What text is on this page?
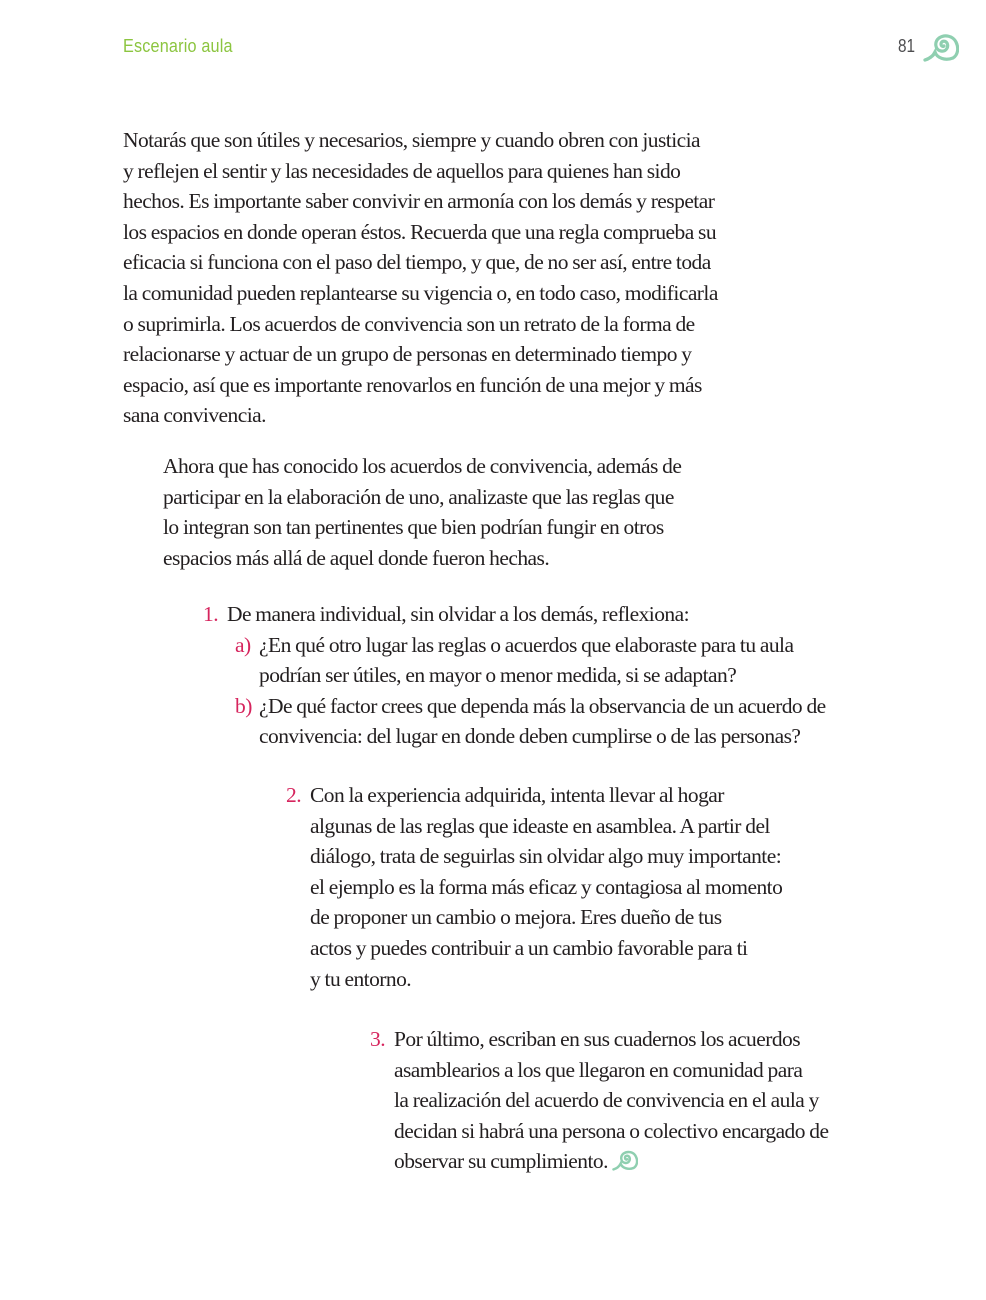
Escenario aula	81
Notarás que son útiles y necesarios, siempre y cuando obren con justicia
y reflejen el sentir y las necesidades de aquellos para quienes han sido
hechos. Es importante saber convivir en armonía con los demás y respetar
los espacios en donde operan éstos. Recuerda que una regla comprueba su
eficacia si funciona con el paso del tiempo, y que, de no ser así, entre toda
la comunidad pueden replantearse su vigencia o, en todo caso, modificarla
o suprimirla. Los acuerdos de convivencia son un retrato de la forma de
relacionarse y actuar de un grupo de personas en determinado tiempo y
espacio, así que es importante renovarlos en función de una mejor y más
sana convivencia.
Ahora que has conocido los acuerdos de convivencia, además de
participar en la elaboración de uno, analizaste que las reglas que
lo integran son tan pertinentes que bien podrían fungir en otros
espacios más allá de aquel donde fueron hechas.
1. De manera individual, sin olvidar a los demás, reflexiona:
a) ¿En qué otro lugar las reglas o acuerdos que elaboraste para tu aula
podrían ser útiles, en mayor o menor medida, si se adaptan?
b) ¿De qué factor crees que dependa más la observancia de un acuerdo de
convivencia: del lugar en donde deben cumplirse o de las personas?
2. Con la experiencia adquirida, intenta llevar al hogar
algunas de las reglas que ideaste en asamblea. A partir del
diálogo, trata de seguirlas sin olvidar algo muy importante:
el ejemplo es la forma más eficaz y contagiosa al momento
de proponer un cambio o mejora. Eres dueño de tus
actos y puedes contribuir a un cambio favorable para ti
y tu entorno.
3. Por último, escriban en sus cuadernos los acuerdos
asamblearios a los que llegaron en comunidad para
la realización del acuerdo de convivencia en el aula y
decidan si habrá una persona o colectivo encargado de
observar su cumplimiento.
